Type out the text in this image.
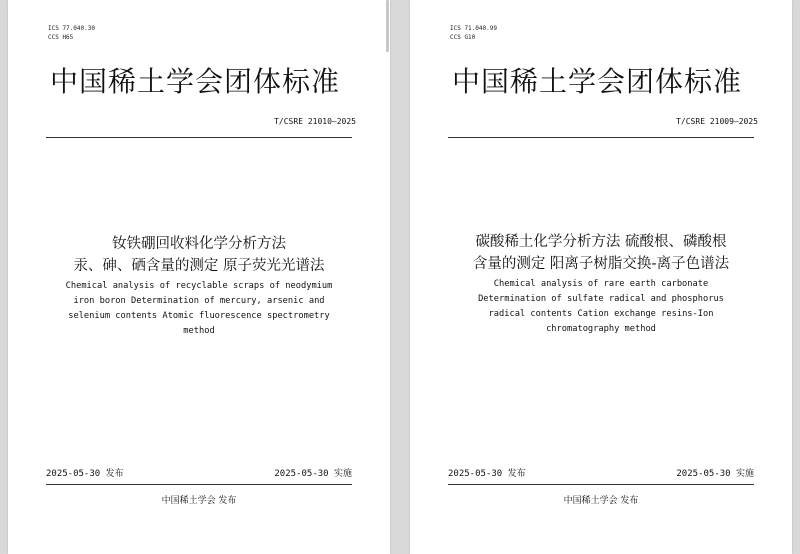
ICS 77.040.30
CCS H65
中国稀土学会团体标准
T/CSRE 21010—2025
钕铁硼回收料化学分析方法
汞、砷、硒含量的测定 原子荧光光谱法
Chemical analysis of recyclable scraps of neodymium
iron boron Determination of mercury, arsenic and
selenium contents Atomic fluorescence spectrometry
method
2025-05-30 发布	2025-05-30 实施
中国稀土学会 发布
ICS 71.040.99
CCS G10
中国稀土学会团体标准
T/CSRE 21009—2025
碳酸稀土化学分析方法 硫酸根、磷酸根
含量的测定 阳离子树脂交换-离子色谱法
Chemical analysis of rare earth carbonate
Determination of sulfate radical and phosphorus
radical contents Cation exchange resins-Ion
chromatography method
2025-05-30 发布	2025-05-30 实施
中国稀土学会 发布
